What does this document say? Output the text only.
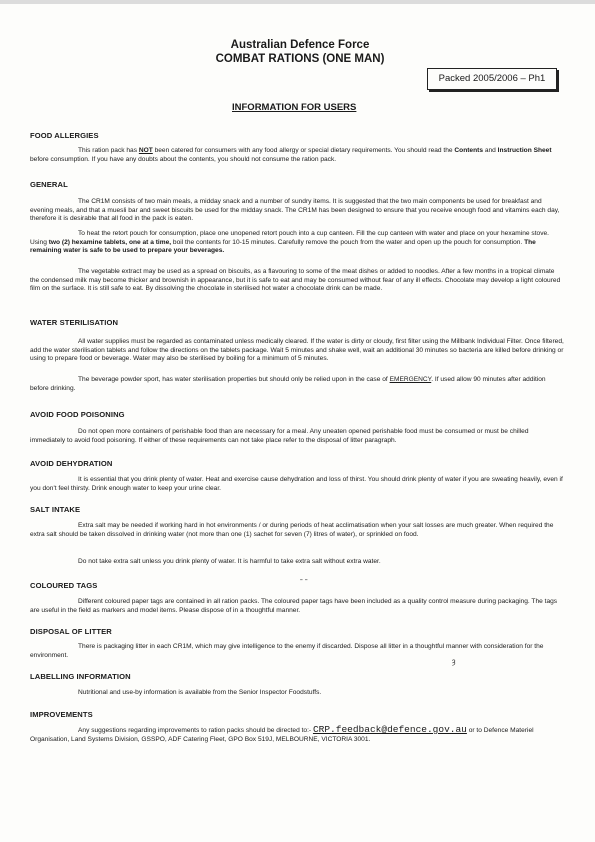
Australian Defence Force
COMBAT RATIONS (ONE MAN)
Packed 2005/2006 – Ph1
INFORMATION FOR USERS
FOOD ALLERGIES
This ration pack has NOT been catered for consumers with any food allergy or special dietary requirements. You should read the Contents and Instruction Sheet before consumption. If you have any doubts about the contents, you should not consume the ration pack.
GENERAL
The CR1M consists of two main meals, a midday snack and a number of sundry items. It is suggested that the two main components be used for breakfast and evening meals, and that a muesli bar and sweet biscuits be used for the midday snack. The CR1M has been designed to ensure that you receive enough food and vitamins each day, therefore it is desirable that all food in the pack is eaten.
To heat the retort pouch for consumption, place one unopened retort pouch into a cup canteen. Fill the cup canteen with water and place on your hexamine stove. Using two (2) hexamine tablets, one at a time, boil the contents for 10-15 minutes. Carefully remove the pouch from the water and open up the pouch for consumption. The remaining water is safe to be used to prepare your beverages.
The vegetable extract may be used as a spread on biscuits, as a flavouring to some of the meat dishes or added to noodles. After a few months in a tropical climate the condensed milk may become thicker and brownish in appearance, but it is safe to eat and may be consumed without fear of any ill effects. Chocolate may develop a light coloured film on the surface. It is still safe to eat. By dissolving the chocolate in sterilised hot water a chocolate drink can be made.
WATER STERILISATION
All water supplies must be regarded as contaminated unless medically cleared. If the water is dirty or cloudy, first filter using the Millbank Individual Filter. Once filtered, add the water sterilisation tablets and follow the directions on the tablets package. Wait 5 minutes and shake well, wait an additional 30 minutes so bacteria are killed before drinking or using to prepare food or beverage. Water may also be sterilised by boiling for a minimum of 5 minutes.
The beverage powder sport, has water sterilisation properties but should only be relied upon in the case of EMERGENCY. If used allow 90 minutes after addition before drinking.
AVOID FOOD POISONING
Do not open more containers of perishable food than are necessary for a meal. Any uneaten opened perishable food must be consumed or must be chilled immediately to avoid food poisoning. If either of these requirements can not take place refer to the disposal of litter paragraph.
AVOID DEHYDRATION
It is essential that you drink plenty of water. Heat and exercise cause dehydration and loss of thirst. You should drink plenty of water if you are sweating heavily, even if you don't feel thirsty. Drink enough water to keep your urine clear.
SALT INTAKE
Extra salt may be needed if working hard in hot environments / or during periods of heat acclimatisation when your salt losses are much greater. When required the extra salt should be taken dissolved in drinking water (not more than one (1) sachet for seven (7) litres of water), or sprinkled on food.
Do not take extra salt unless you drink plenty of water. It is harmful to take extra salt without extra water.
COLOURED TAGS
Different coloured paper tags are contained in all ration packs. The coloured paper tags have been included as a quality control measure during packaging. The tags are useful in the field as markers and model items. Please dispose of in a thoughtful manner.
DISPOSAL OF LITTER
There is packaging litter in each CR1M, which may give intelligence to the enemy if discarded. Dispose all litter in a thoughtful manner with consideration for the environment.
LABELLING INFORMATION
Nutritional and use-by information is available from the Senior Inspector Foodstuffs.
IMPROVEMENTS
Any suggestions regarding improvements to ration packs should be directed to:- CRP.feedback@defence.gov.au or to Defence Materiel Organisation, Land Systems Division, GSSPO, ADF Catering Fleet, GPO Box 519J, MELBOURNE, VICTORIA 3001.
˗ ˗
ȝ
